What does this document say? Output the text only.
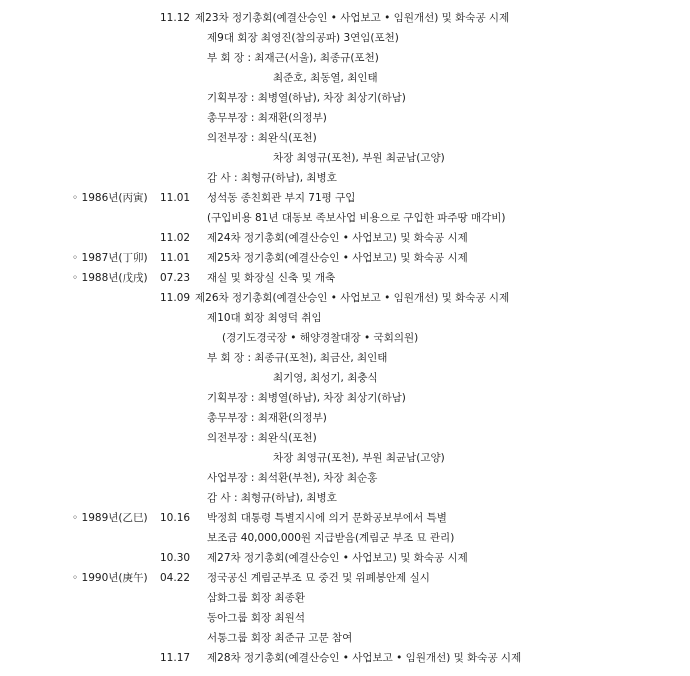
11.12 제23차 정기총회(예결산승인 • 사업보고 • 임원개선) 및 화숙공 시제
제9대 회장 최영진(참의공파) 3연임(포천)
부 회 장 : 최재근(서울), 최종규(포천)
최준호, 최동열, 최인태
기획부장 : 최병열(하남), 차장 최상기(하남)
총무부장 : 최재환(의정부)
의전부장 : 최완식(포천)
차장 최영규(포천), 부원 최균남(고양)
감 사 : 최형규(하남), 최병호
◦ 1986년(丙寅) 11.01 성석동 종친회관 부지 71평 구입
(구입비용 81년 대동보 족보사업 비용으로 구입한 파주땅 매각비)
11.02 제24차 정기총회(예결산승인 • 사업보고) 및 화숙공 시제
◦ 1987년(丁卯) 11.01 제25차 정기총회(예결산승인 • 사업보고) 및 화숙공 시제
◦ 1988년(戊戌) 07.23 재실 및 화장실 신축 및 개축
11.09 제26차 정기총회(예결산승인 • 사업보고 • 임원개선) 및 화숙공 시제
제10대 회장 최영덕 취임
(경기도경국장 • 해양경찰대장 • 국회의원)
부 회 장 : 최종규(포천), 최금산, 최인태
최기영, 최성기, 최충식
기획부장 : 최병열(하남), 차장 최상기(하남)
총무부장 : 최재환(의정부)
의전부장 : 최완식(포천)
차장 최영규(포천), 부원 최균남(고양)
사업부장 : 최석환(부천), 차장 최순홍
감 사 : 최형규(하남), 최병호
◦ 1989년(乙巳) 10.16 박정희 대통령 특별지시에 의거 문화공보부에서 특별
보조금 40,000,000원 지급받음(계림군 부조 묘 관리)
10.30 제27차 정기총회(예결산승인 • 사업보고) 및 화숙공 시제
◦ 1990년(庚午) 04.22 정국공신 계림군부조 묘 중건 및 위폐봉안제 실시
삼화그룹 회장 최종환
동아그룹 회장 최원석
서통그룹 회장 최준규 고문 참여
11.17 제28차 정기총회(예결산승인 • 사업보고 • 임원개선) 및 화숙공 시제
